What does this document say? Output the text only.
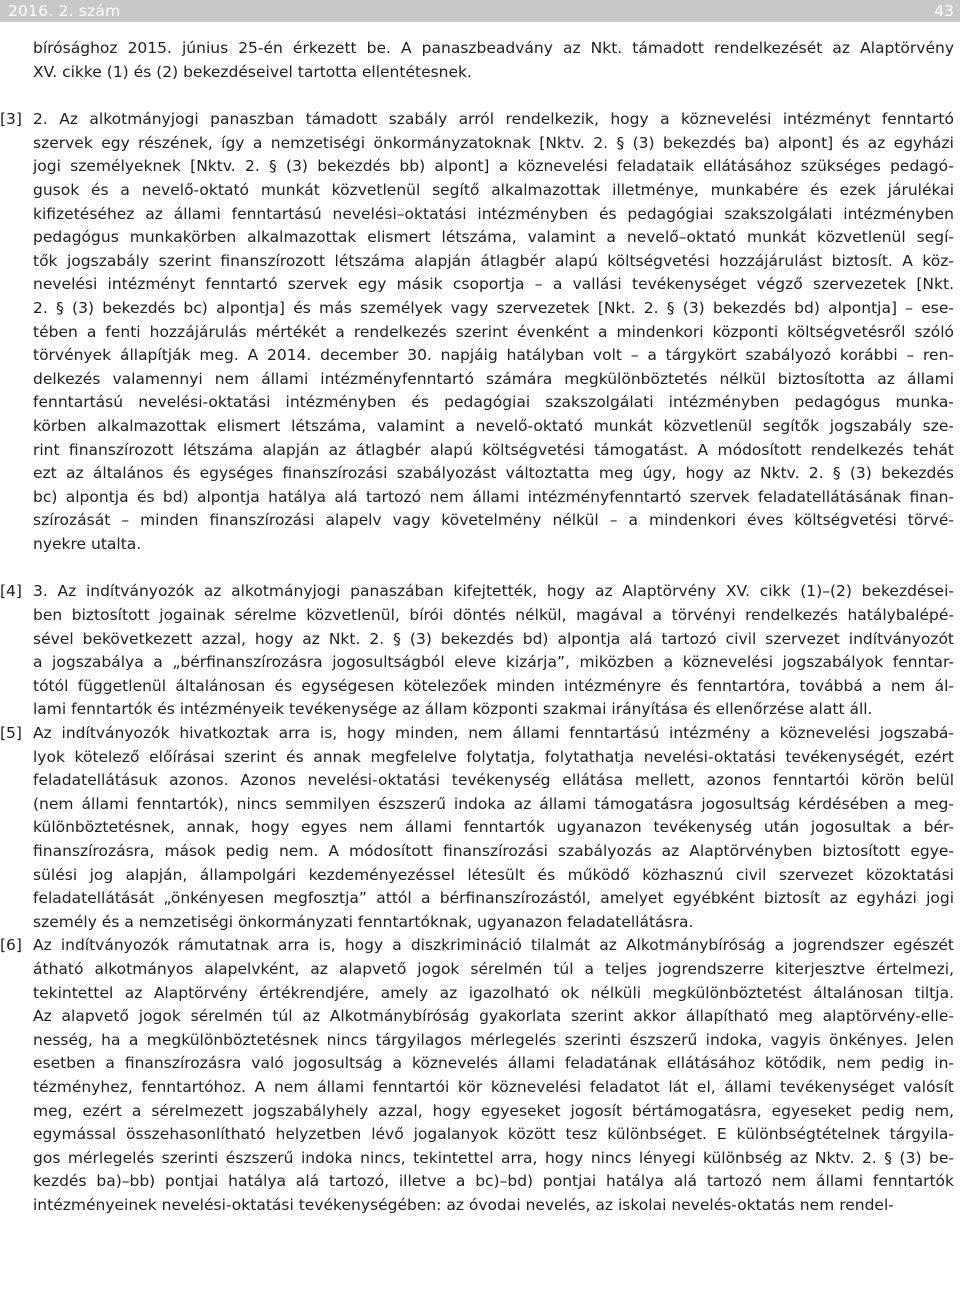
2016. 2. szám	43
bírósághoz 2015. június 25-én érkezett be. A panaszbeadvány az Nkt. támadott rendelkezését az Alaptörvény
XV. cikke (1) és (2) bekezdéseivel tartotta ellentétesnek.
[3] 2. Az alkotmányjogi panaszban támadott szabály arról rendelkezik, hogy a köznevelési intézményt fenntartó
szervek egy részének, így a nemzetiségi önkormányzatoknak [Nktv. 2. § (3) bekezdés ba) alpont] és az egyházi
jogi személyeknek [Nktv. 2. § (3) bekezdés bb) alpont] a köznevelési feladataik ellátásához szükséges pedagó-
gusok és a nevelő-oktató munkát közvetlenül segítő alkalmazottak illetménye, munkabére és ezek járulékai
kifizetéséhez az állami fenntartású nevelési–oktatási intézményben és pedagógiai szakszolgálati intézményben
pedagógus munkakörben alkalmazottak elismert létszáma, valamint a nevelő–oktató munkát közvetlenül segí-
tők jogszabály szerint finanszírozott létszáma alapján átlagbér alapú költségvetési hozzájárulást biztosít. A köz-
nevelési intézményt fenntartó szervek egy másik csoportja – a vallási tevékenységet végző szervezetek [Nkt.
2. § (3) bekezdés bc) alpontja] és más személyek vagy szervezetek [Nkt. 2. § (3) bekezdés bd) alpontja] – ese-
tében a fenti hozzájárulás mértékét a rendelkezés szerint évenként a mindenkori központi költségvetésről szóló
törvények állapítják meg. A 2014. december 30. napjáig hatályban volt – a tárgykört szabályozó korábbi – ren-
delkezés valamennyi nem állami intézményfenntartó számára megkülönböztetés nélkül biztosította az állami
fenntartású nevelési-oktatási intézményben és pedagógiai szakszolgálati intézményben pedagógus munka-
körben alkalmazottak elismert létszáma, valamint a nevelő-oktató munkát közvetlenül segítők jogszabály sze-
rint finanszírozott létszáma alapján az átlagbér alapú költségvetési támogatást. A módosított rendelkezés tehát
ezt az általános és egységes finanszírozási szabályozást változtatta meg úgy, hogy az Nktv. 2. § (3) bekezdés
bc) alpontja és bd) alpontja hatálya alá tartozó nem állami intézményfenntartó szervek feladatellátásának finan-
szírozását – minden finanszírozási alapelv vagy követelmény nélkül – a mindenkori éves költségvetési törvé-
nyekre utalta.
[4] 3. Az indítványozók az alkotmányjogi panaszában kifejtették, hogy az Alaptörvény XV. cikk (1)–(2) bekezdései-
ben biztosított jogainak sérelme közvetlenül, bírói döntés nélkül, magával a törvényi rendelkezés hatálybalépé-
sével bekövetkezett azzal, hogy az Nkt. 2. § (3) bekezdés bd) alpontja alá tartozó civil szervezet indítványozót
a jogszabálya a „bérfinanszírozásra jogosultságból eleve kizárja”, miközben a köznevelési jogszabályok fenntar-
tótól függetlenül általánosan és egységesen kötelezőek minden intézményre és fenntartóra, továbbá a nem ál-
lami fenntartók és intézményeik tevékenysége az állam központi szakmai irányítása és ellenőrzése alatt áll.
[5] Az indítványozók hivatkoztak arra is, hogy minden, nem állami fenntartású intézmény a köznevelési jogszabá-
lyok kötelező előírásai szerint és annak megfelelve folytatja, folytathatja nevelési-oktatási tevékenységét, ezért
feladatellátásuk azonos. Azonos nevelési-oktatási tevékenység ellátása mellett, azonos fenntartói körön belül
(nem állami fenntartók), nincs semmilyen észszerű indoka az állami támogatásra jogosultság kérdésében a meg-
különböztetésnek, annak, hogy egyes nem állami fenntartók ugyanazon tevékenység után jogosultak a bér-
finanszírozásra, mások pedig nem. A módosított finanszírozási szabályozás az Alaptörvényben biztosított egye-
sülési jog alapján, állampolgári kezdeményezéssel létesült és működő közhasznú civil szervezet közoktatási
feladatellátását „önkényesen megfosztja” attól a bérfinanszírozástól, amelyet egyébként biztosít az egyházi jogi
személy és a nemzetiségi önkormányzati fenntartóknak, ugyanazon feladatellátásra.
[6] Az indítványozók rámutatnak arra is, hogy a diszkrimináció tilalmát az Alkotmánybíróság a jogrendszer egészét
átható alkotmányos alapelvként, az alapvető jogok sérelmén túl a teljes jogrendszerre kiterjesztve értelmezi,
tekintettel az Alaptörvény értékrendjére, amely az igazolható ok nélküli megkülönböztetést általánosan tiltja.
Az alapvető jogok sérelmén túl az Alkotmánybíróság gyakorlata szerint akkor állapítható meg alaptörvény-elle-
nesség, ha a megkülönböztetésnek nincs tárgyilagos mérlegelés szerinti észszerű indoka, vagyis önkényes. Jelen
esetben a finanszírozásra való jogosultság a köznevelés állami feladatának ellátásához kötődik, nem pedig in-
tézményhez, fenntartóhoz. A nem állami fenntartói kör köznevelési feladatot lát el, állami tevékenységet valósít
meg, ezért a sérelmezett jogszabályhely azzal, hogy egyeseket jogosít bértámogatásra, egyeseket pedig nem,
egymással összehasonlítható helyzetben lévő jogalanyok között tesz különbséget. E különbségtételnek tárgyila-
gos mérlegelés szerinti észszerű indoka nincs, tekintettel arra, hogy nincs lényegi különbség az Nktv. 2. § (3) be-
kezdés ba)–bb) pontjai hatálya alá tartozó, illetve a bc)–bd) pontjai hatálya alá tartozó nem állami fenntartók
intézményeinek nevelési-oktatási tevékenységében: az óvodai nevelés, az iskolai nevelés-oktatás nem rendel-
